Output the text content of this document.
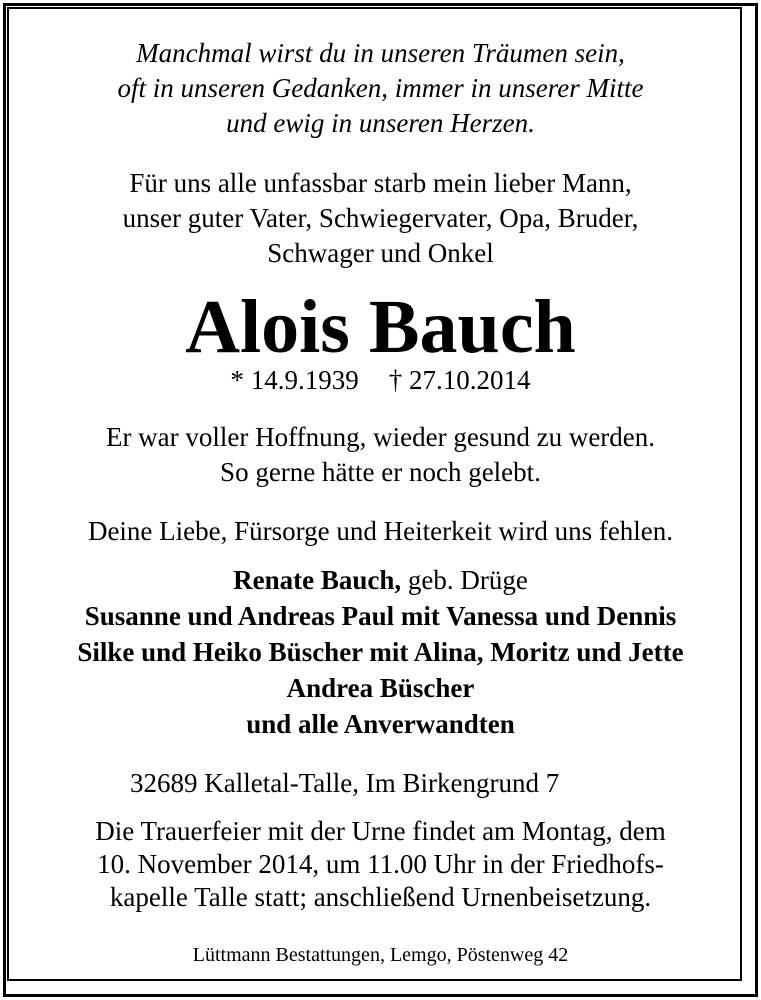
Manchmal wirst du in unseren Träumen sein,
oft in unseren Gedanken, immer in unserer Mitte
und ewig in unseren Herzen.
Für uns alle unfassbar starb mein lieber Mann,
unser guter Vater, Schwiegervater, Opa, Bruder,
Schwager und Onkel
Alois Bauch
* 14.9.1939 † 27.10.2014
Er war voller Hoffnung, wieder gesund zu werden.
So gerne hätte er noch gelebt.
Deine Liebe, Fürsorge und Heiterkeit wird uns fehlen.
Renate Bauch, geb. Drüge
Susanne und Andreas Paul mit Vanessa und Dennis
Silke und Heiko Büscher mit Alina, Moritz und Jette
Andrea Büscher
und alle Anverwandten
32689 Kalletal-Talle, Im Birkengrund 7
Die Trauerfeier mit der Urne findet am Montag, dem
10. November 2014, um 11.00 Uhr in der Friedhofs-
kapelle Talle statt; anschließend Urnenbeisetzung.
Lüttmann Bestattungen, Lemgo, Pöstenweg 42
